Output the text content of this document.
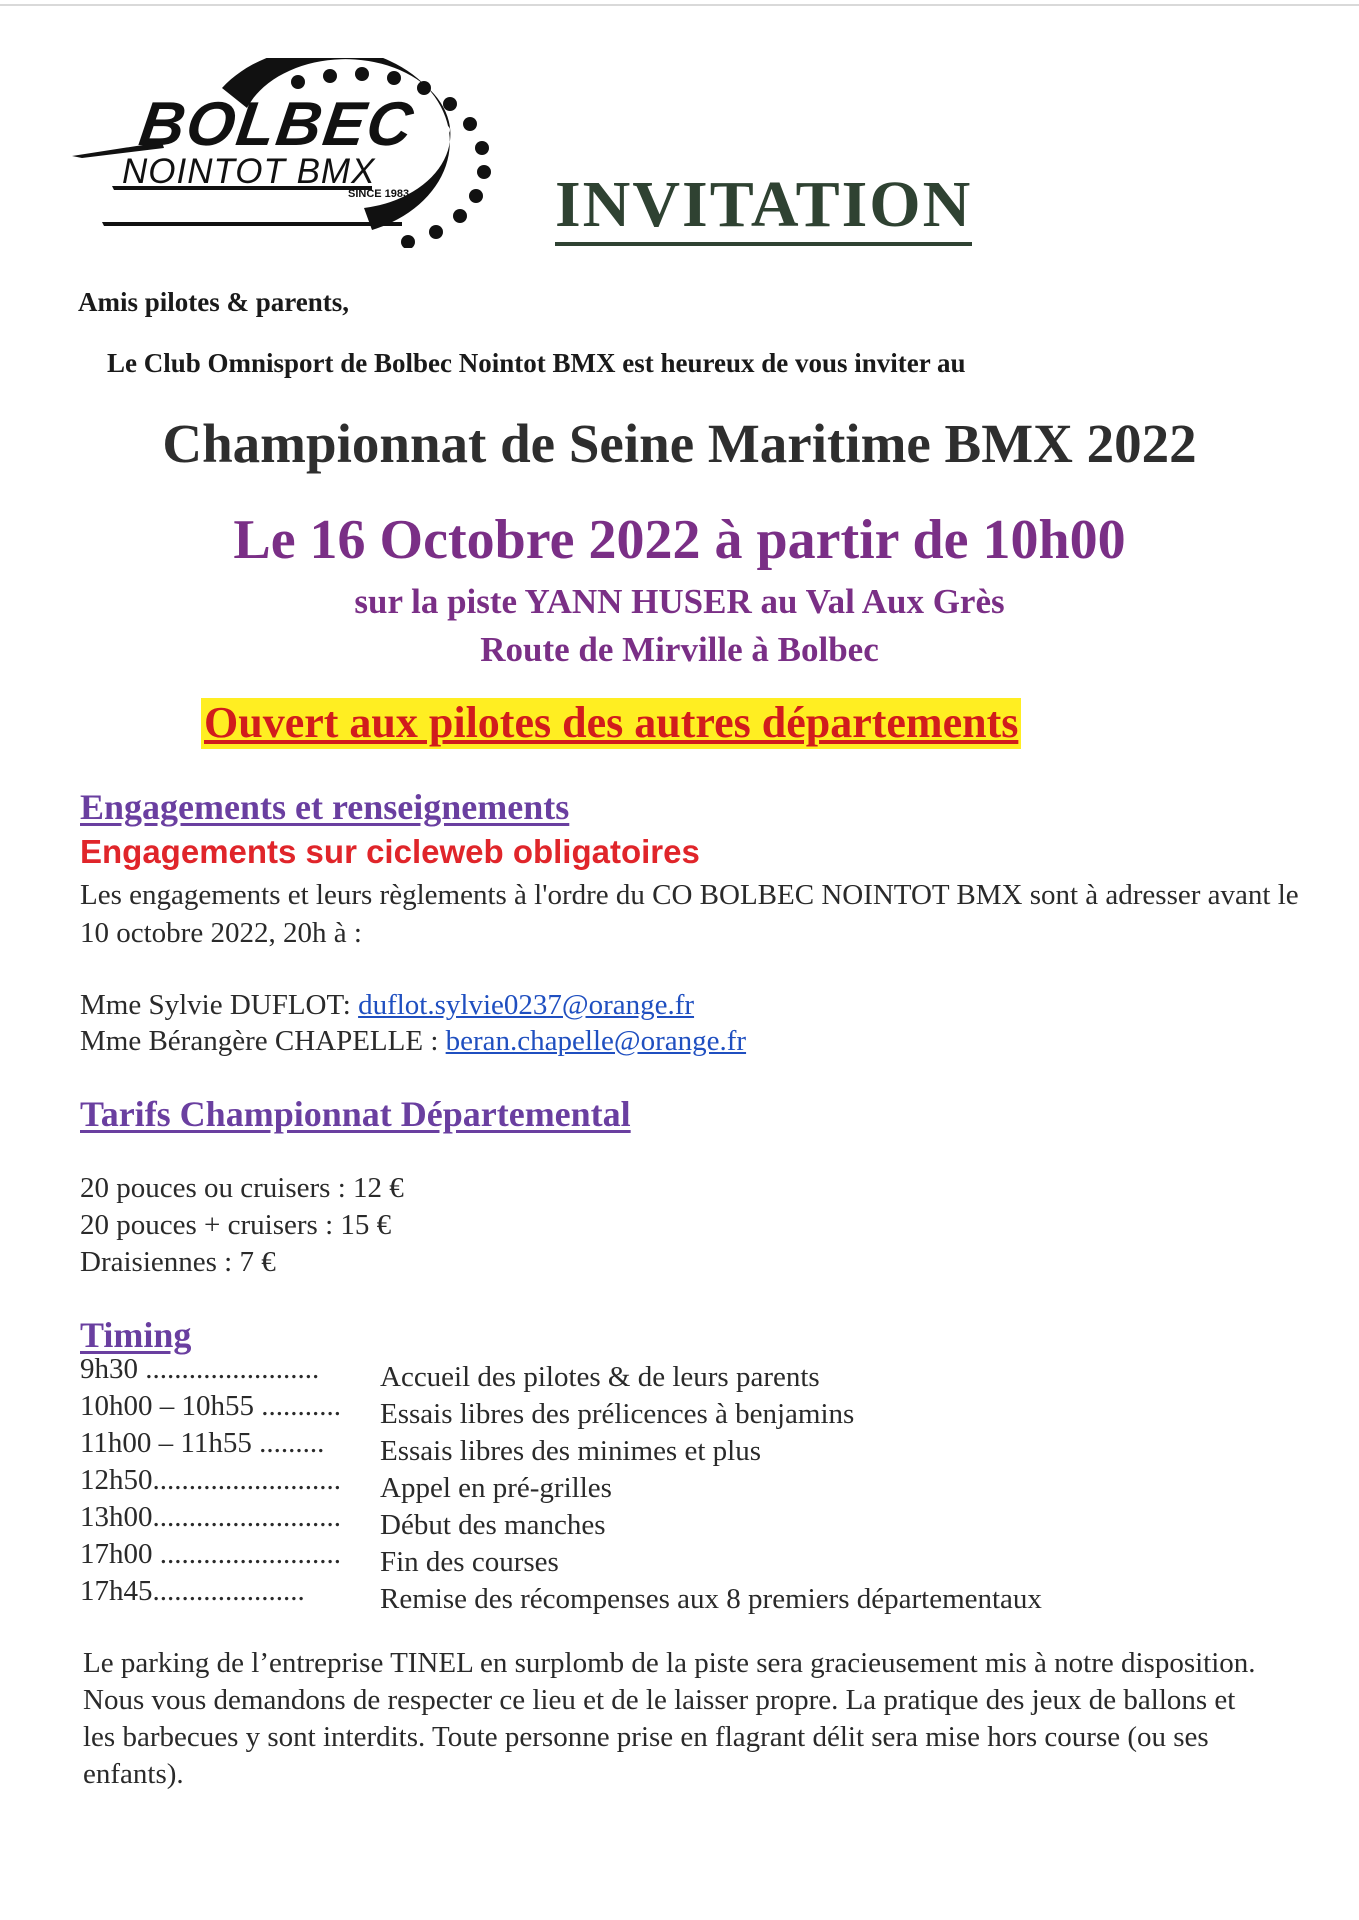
BOLBEC
NOINTOT BMX
SINCE 1983 INVITATION
Amis pilotes & parents,
Le Club Omnisport de Bolbec Nointot BMX est heureux de vous inviter au
Championnat de Seine Maritime BMX 2022
Le 16 Octobre 2022 à partir de 10h00
sur la piste YANN HUSER au Val Aux Grès
Route de Mirville à Bolbec
Ouvert aux pilotes des autres départements
Engagements et renseignements
Engagements sur cicleweb obligatoires
Les engagements et leurs règlements à l'ordre du CO BOLBEC NOINTOT BMX sont à adresser avant le 10 octobre 2022, 20h à :
Mme Sylvie DUFLOT: duflot.sylvie0237@orange.fr
Mme Bérangère CHAPELLE : beran.chapelle@orange.fr
Tarifs Championnat Départemental
20 pouces ou cruisers : 12 €
20 pouces + cruisers : 15 €
Draisiennes : 7 €
Timing
9h30 ........................ Accueil des pilotes & de leurs parents
10h00 – 10h55 ........... Essais libres des prélicences à benjamins
11h00 – 11h55 ......... Essais libres des minimes et plus
12h50.......................... Appel en pré-grilles
13h00.......................... Début des manches
17h00 ......................... Fin des courses
17h45.....................	Remise des récompenses aux 8 premiers départementaux
Le parking de l’entreprise TINEL en surplomb de la piste sera gracieusement mis à notre disposition. Nous vous demandons de respecter ce lieu et de le laisser propre. La pratique des jeux de ballons et les barbecues y sont interdits. Toute personne prise en flagrant délit sera mise hors course (ou ses enfants).
